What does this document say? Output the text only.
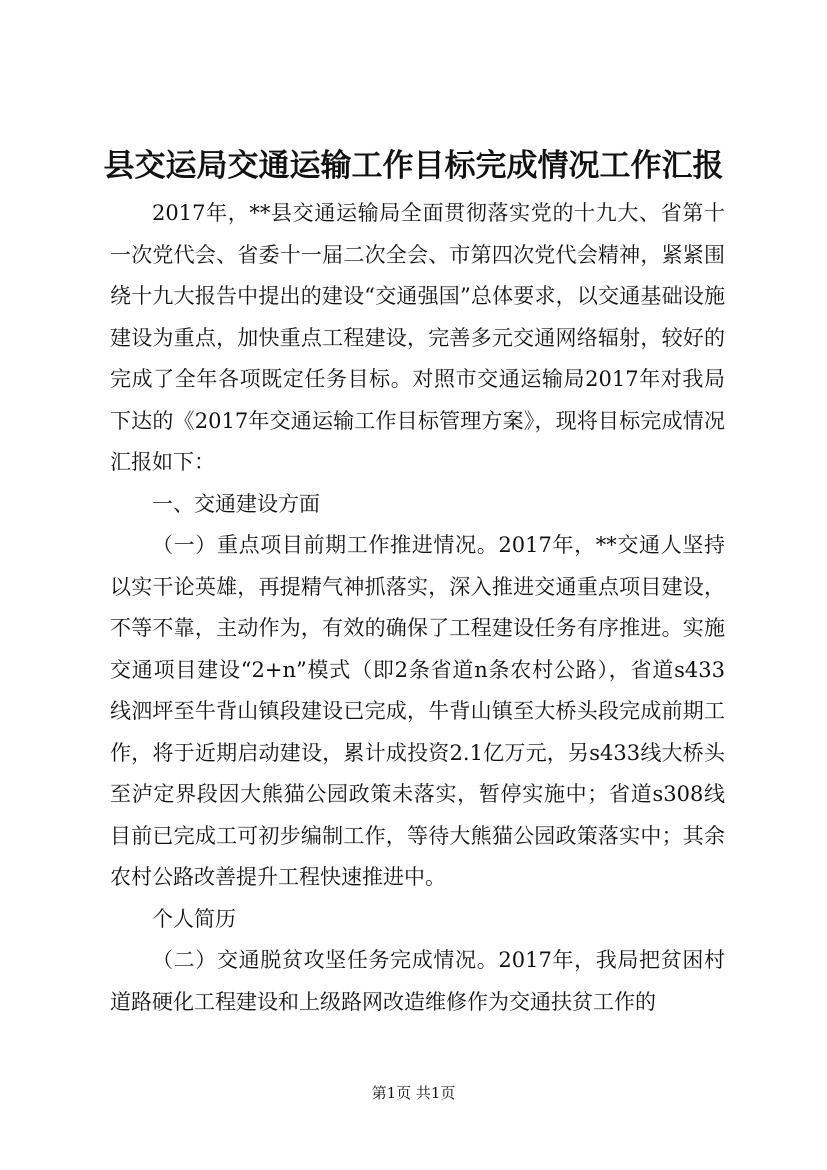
县交运局交通运输工作目标完成情况工作汇报

2017年，**县交通运输局全面贯彻落实党的十九大、省第十一次党代会、省委十一届二次全会、市第四次党代会精神，紧紧围绕十九大报告中提出的建设“交通强国”总体要求，以交通基础设施建设为重点，加快重点工程建设，完善多元交通网络辐射，较好的完成了全年各项既定任务目标。对照市交通运输局2017年对我局下达的《2017年交通运输工作目标管理方案》，现将目标完成情况汇报如下：

一、交通建设方面

（一）重点项目前期工作推进情况。2017年，**交通人坚持以实干论英雄，再提精气神抓落实，深入推进交通重点项目建设，不等不靠，主动作为，有效的确保了工程建设任务有序推进。实施交通项目建设“2+n”模式（即2条省道n条农村公路），省道s433线泗坪至牛背山镇段建设已完成，牛背山镇至大桥头段完成前期工作，将于近期启动建设，累计成投资2.1亿万元，另s433线大桥头至泸定界段因大熊猫公园政策未落实，暂停实施中；省道s308线目前已完成工可初步编制工作，等待大熊猫公园政策落实中；其余农村公路改善提升工程快速推进中。

个人简历

（二）交通脱贫攻坚任务完成情况。2017年，我局把贫困村道路硬化工程建设和上级路网改造维修作为交通扶贫工作的

第1页 共1页
